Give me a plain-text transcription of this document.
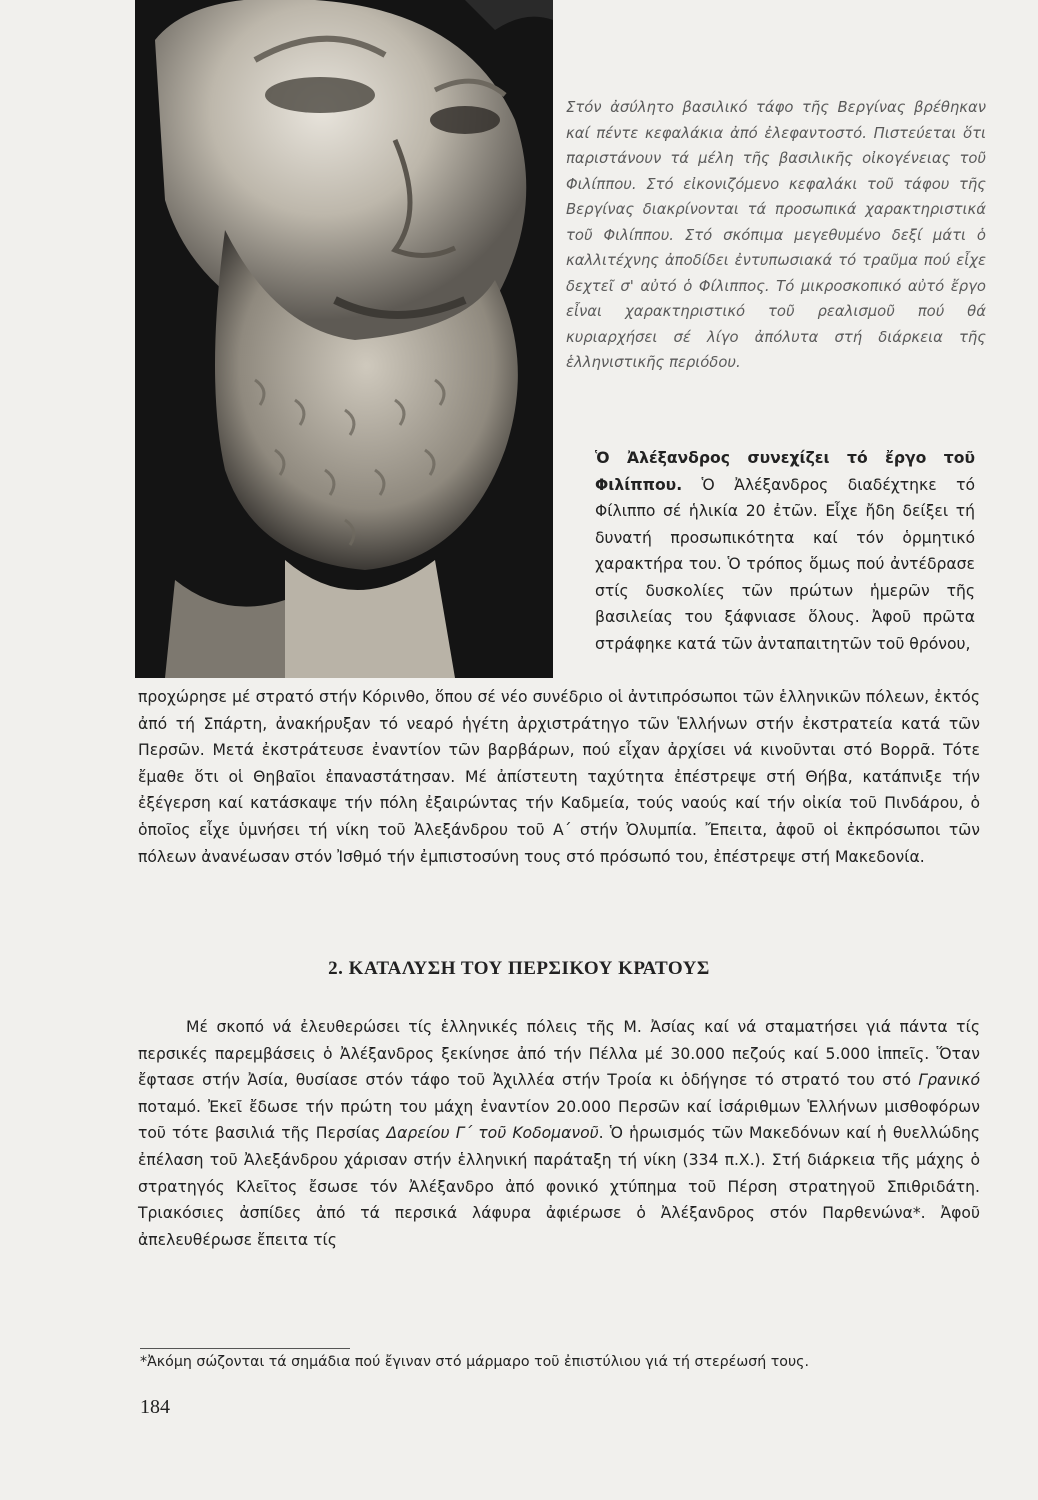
Στόν ἀσύλητο βασιλικό τάφο τῆς Βεργίνας βρέθηκαν καί πέντε κεφαλάκια ἀπό ἐλεφαντοστό. Πιστεύεται ὅτι παριστάνουν τά μέλη τῆς βασιλικῆς οἰκογένειας τοῦ Φιλίππου. Στό εἰκονιζόμενο κεφαλάκι τοῦ τάφου τῆς Βεργίνας διακρίνονται τά προσωπικά χαρακτηριστικά τοῦ Φιλίππου. Στό σκόπιμα μεγεθυμένο δεξί μάτι ὁ καλλιτέχνης ἀποδίδει ἐντυπωσιακά τό τραῦμα πού εἶχε δεχτεῖ σ' αὐτό ὁ Φίλιππος. Τό μικροσκοπικό αὐτό ἔργο εἶναι χαρακτηριστικό τοῦ ρεαλισμοῦ πού θά κυριαρχήσει σέ λίγο ἀπόλυτα στή διάρκεια τῆς ἑλληνιστικῆς περιόδου.

Ὁ Ἀλέξανδρος συνεχίζει τό ἔργο τοῦ Φιλίππου. Ὁ Ἀλέξανδρος διαδέχτηκε τό Φίλιππο σέ ἡλικία 20 ἐτῶν. Εἶχε ἤδη δείξει τή δυνατή προσωπικότητα καί τόν ὁρμητικό χαρακτήρα του. Ὁ τρόπος ὅμως πού ἀντέδρασε στίς δυσκολίες τῶν πρώτων ἡμερῶν τῆς βασιλείας του ξάφνιασε ὅλους. Ἀφοῦ πρῶτα στράφηκε κατά τῶν ἀνταπαιτητῶν τοῦ θρόνου,

προχώρησε μέ στρατό στήν Κόρινθο, ὅπου σέ νέο συνέδριο οἱ ἀντιπρόσωποι τῶν ἑλληνικῶν πόλεων, ἐκτός ἀπό τή Σπάρτη, ἀνακήρυξαν τό νεαρό ἡγέτη ἀρχιστράτηγο τῶν Ἑλλήνων στήν ἐκστρατεία κατά τῶν Περσῶν. Μετά ἐκστράτευσε ἐναντίον τῶν βαρβάρων, πού εἶχαν ἀρχίσει νά κινοῦνται στό Βορρᾶ. Τότε ἔμαθε ὅτι οἱ Θηβαῖοι ἐπαναστάτησαν. Μέ ἀπίστευτη ταχύτητα ἐπέστρεψε στή Θήβα, κατάπνιξε τήν ἐξέγερση καί κατάσκαψε τήν πόλη ἐξαιρώντας τήν Καδμεία, τούς ναούς καί τήν οἰκία τοῦ Πινδάρου, ὁ ὁποῖος εἶχε ὑμνήσει τή νίκη τοῦ Ἀλεξάνδρου τοῦ Α΄ στήν Ὀλυμπία. Ἔπειτα, ἀφοῦ οἱ ἐκπρόσωποι τῶν πόλεων ἀνανέωσαν στόν Ἰσθμό τήν ἐμπιστοσύνη τους στό πρόσωπό του, ἐπέστρεψε στή Μακεδονία.

2. ΚΑΤΑΛΥΣΗ ΤΟΥ ΠΕΡΣΙΚΟΥ ΚΡΑΤΟΥΣ

Μέ σκοπό νά ἐλευθερώσει τίς ἑλληνικές πόλεις τῆς Μ. Ἀσίας καί νά σταματήσει γιά πάντα τίς περσικές παρεμβάσεις ὁ Ἀλέξανδρος ξεκίνησε ἀπό τήν Πέλλα μέ 30.000 πεζούς καί 5.000 ἱππεῖς. Ὅταν ἔφτασε στήν Ἀσία, θυσίασε στόν τάφο τοῦ Ἀχιλλέα στήν Τροία κι ὁδήγησε τό στρατό του στό Γρανικό ποταμό. Ἐκεῖ ἔδωσε τήν πρώτη του μάχη ἐναντίον 20.000 Περσῶν καί ἰσάριθμων Ἑλλήνων μισθοφόρων τοῦ τότε βασιλιά τῆς Περσίας Δαρείου Γ΄ τοῦ Κοδομανοῦ. Ὁ ἡρωισμός τῶν Μακεδόνων καί ἡ θυελλώδης ἐπέλαση τοῦ Ἀλεξάνδρου χάρισαν στήν ἑλληνική παράταξη τή νίκη (334 π.Χ.). Στή διάρκεια τῆς μάχης ὁ στρατηγός Κλεῖτος ἔσωσε τόν Ἀλέξανδρο ἀπό φονικό χτύπημα τοῦ Πέρση στρατηγοῦ Σπιθριδάτη. Τριακόσιες ἀσπίδες ἀπό τά περσικά λάφυρα ἀφιέρωσε ὁ Ἀλέξανδρος στόν Παρθενώνα*. Ἀφοῦ ἀπελευθέρωσε ἔπειτα τίς

*Ἀκόμη σώζονται τά σημάδια πού ἔγιναν στό μάρμαρο τοῦ ἐπιστύλιου γιά τή στερέωσή τους.

184
